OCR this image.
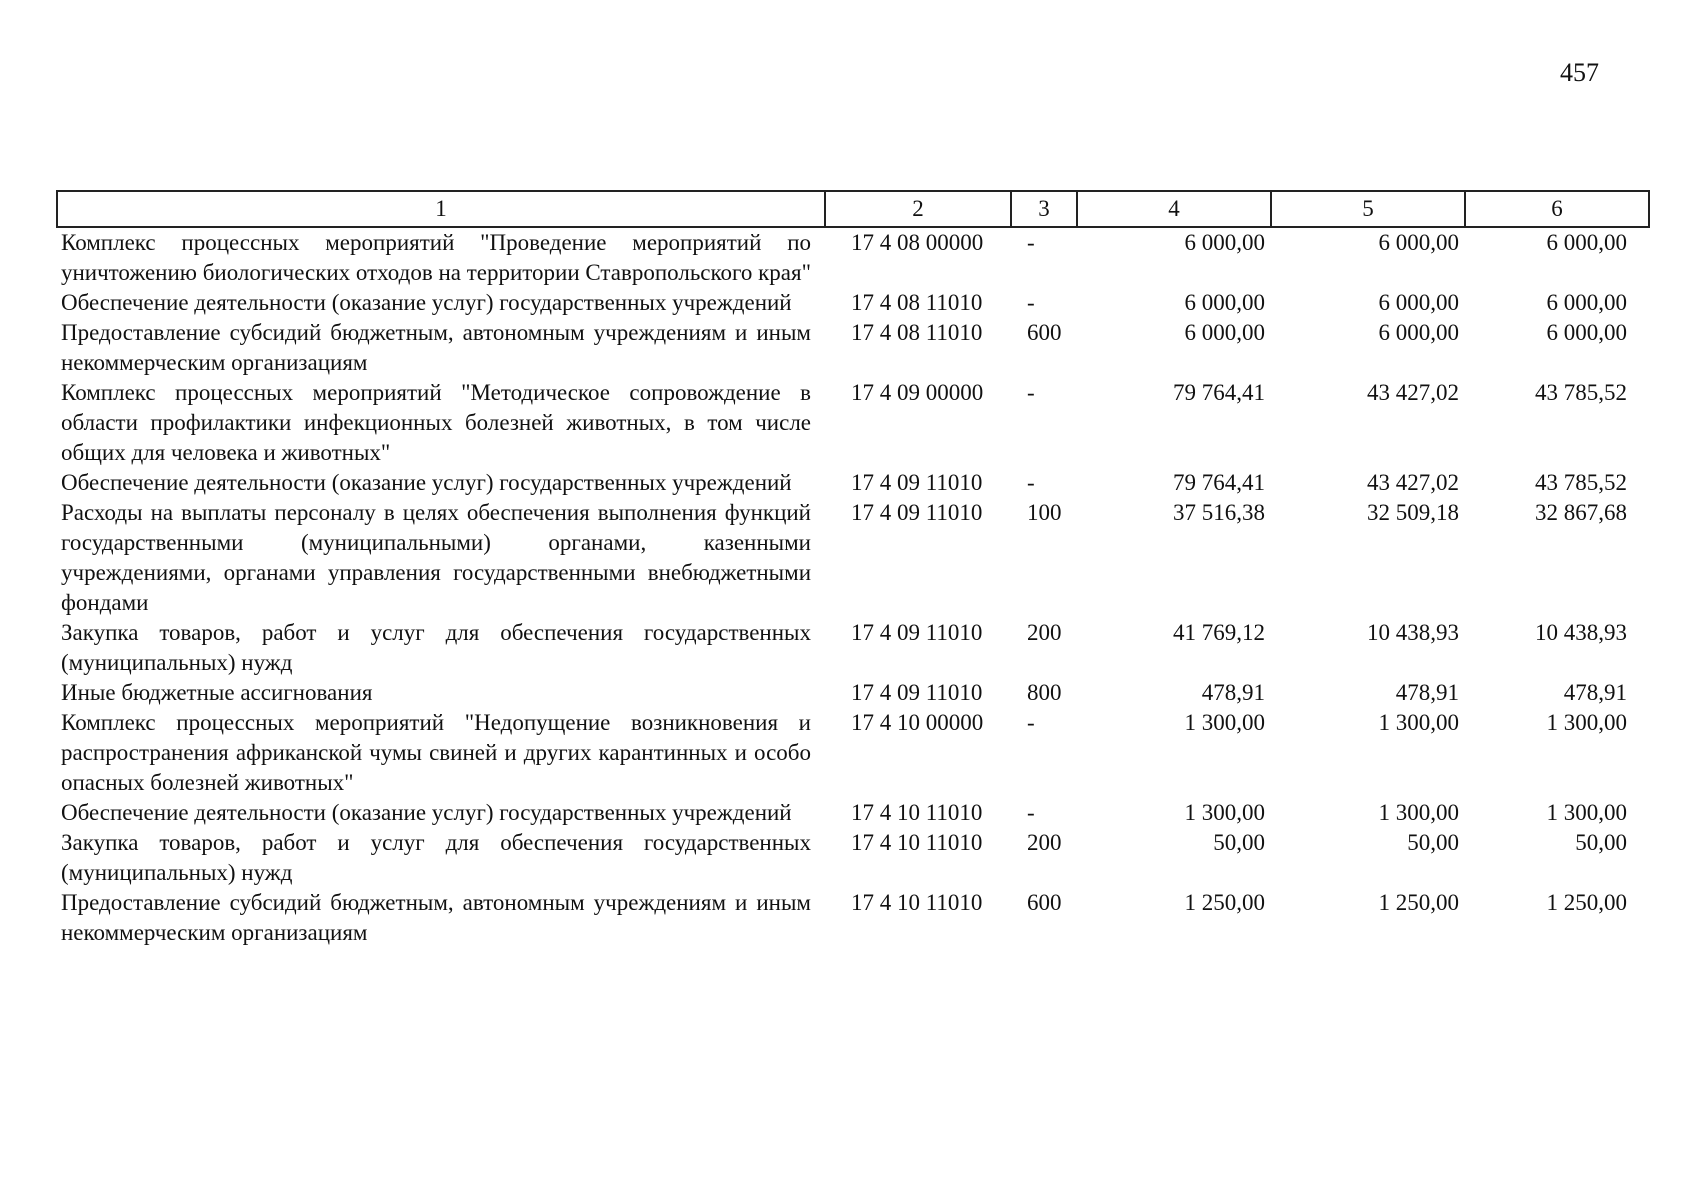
457
1	2	3	4	5	6
Комплекс процессных мероприятий "Проведение мероприятий по уничтожению биологических отходов на территории Ставропольского края"	17 4 08 00000	-	6 000,00	6 000,00	6 000,00
Обеспечение деятельности (оказание услуг) государственных учреждений	17 4 08 11010	-	6 000,00	6 000,00	6 000,00
Предоставление субсидий бюджетным, автономным учреждениям и иным некоммерческим организациям	17 4 08 11010	600	6 000,00	6 000,00	6 000,00
Комплекс процессных мероприятий "Методическое сопровождение в области профилактики инфекционных болезней животных, в том числе общих для человека и животных"	17 4 09 00000	-	79 764,41	43 427,02	43 785,52
Обеспечение деятельности (оказание услуг) государственных учреждений	17 4 09 11010	-	79 764,41	43 427,02	43 785,52
Расходы на выплаты персоналу в целях обеспечения выполнения функций государственными (муниципальными) органами, казенными учреждениями, органами управления государственными внебюджетными фондами	17 4 09 11010	100	37 516,38	32 509,18	32 867,68
Закупка товаров, работ и услуг для обеспечения государственных (муниципальных) нужд	17 4 09 11010	200	41 769,12	10 438,93	10 438,93
Иные бюджетные ассигнования	17 4 09 11010	800	478,91	478,91	478,91
Комплекс процессных мероприятий "Недопущение возникновения и распространения африканской чумы свиней и других карантинных и особо опасных болезней животных"	17 4 10 00000	-	1 300,00	1 300,00	1 300,00
Обеспечение деятельности (оказание услуг) государственных учреждений	17 4 10 11010	-	1 300,00	1 300,00	1 300,00
Закупка товаров, работ и услуг для обеспечения государственных (муниципальных) нужд	17 4 10 11010	200	50,00	50,00	50,00
Предоставление субсидий бюджетным, автономным учреждениям и иным некоммерческим организациям	17 4 10 11010	600	1 250,00	1 250,00	1 250,00
